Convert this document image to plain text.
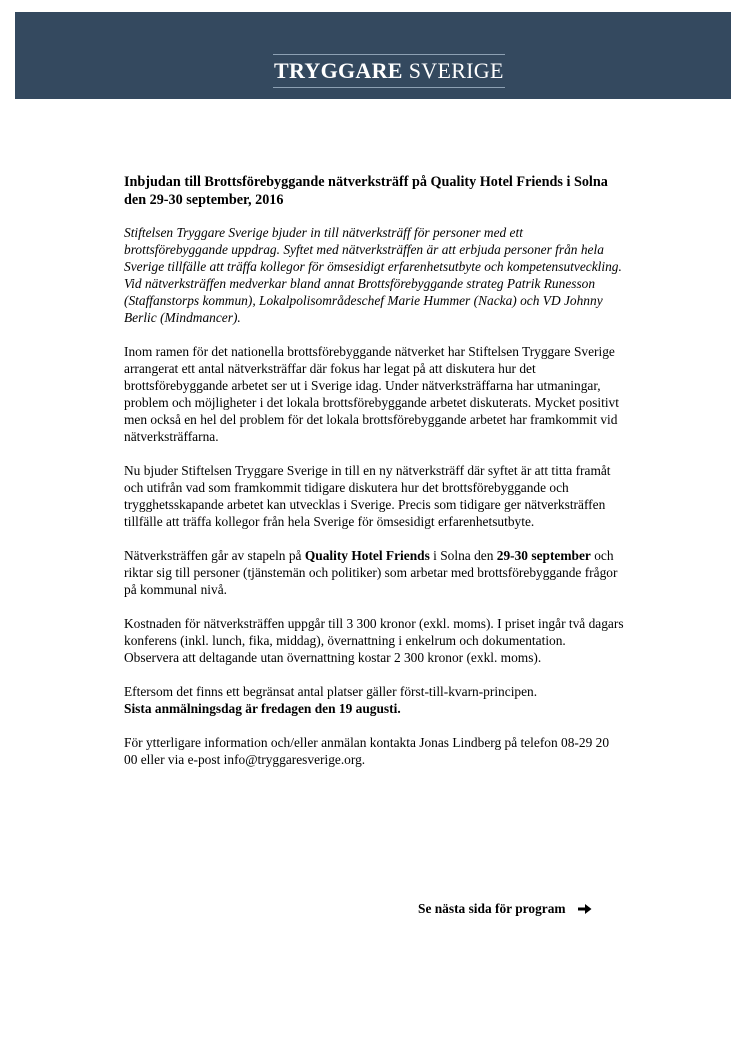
TRYGGARE SVERIGE
Inbjudan till Brottsförebyggande nätverksträff på Quality Hotel Friends i Solna den 29-30 september, 2016

Stiftelsen Tryggare Sverige bjuder in till nätverksträff för personer med ett brottsförebyggande uppdrag. Syftet med nätverksträffen är att erbjuda personer från hela Sverige tillfälle att träffa kollegor för ömsesidigt erfarenhetsutbyte och kompetensutveckling. Vid nätverksträffen medverkar bland annat Brottsförebyggande strateg Patrik Runesson (Staffanstorps kommun), Lokalpolisområdeschef Marie Hummer (Nacka) och VD Johnny Berlic (Mindmancer).

Inom ramen för det nationella brottsförebyggande nätverket har Stiftelsen Tryggare Sverige arrangerat ett antal nätverksträffar där fokus har legat på att diskutera hur det brottsförebyggande arbetet ser ut i Sverige idag. Under nätverksträffarna har utmaningar, problem och möjligheter i det lokala brottsförebyggande arbetet diskuterats. Mycket positivt men också en hel del problem för det lokala brottsförebyggande arbetet har framkommit vid nätverksträffarna.

Nu bjuder Stiftelsen Tryggare Sverige in till en ny nätverksträff där syftet är att titta framåt och utifrån vad som framkommit tidigare diskutera hur det brottsförebyggande och trygghetsskapande arbetet kan utvecklas i Sverige. Precis som tidigare ger nätverksträffen tillfälle att träffa kollegor från hela Sverige för ömsesidigt erfarenhetsutbyte.

Nätverksträffen går av stapeln på Quality Hotel Friends i Solna den 29-30 september och riktar sig till personer (tjänstemän och politiker) som arbetar med brottsförebyggande frågor på kommunal nivå.

Kostnaden för nätverksträffen uppgår till 3 300 kronor (exkl. moms). I priset ingår två dagars konferens (inkl. lunch, fika, middag), övernattning i enkelrum och dokumentation. Observera att deltagande utan övernattning kostar 2 300 kronor (exkl. moms).

Eftersom det finns ett begränsat antal platser gäller först-till-kvarn-principen.
Sista anmälningsdag är fredagen den 19 augusti.

För ytterligare information och/eller anmälan kontakta Jonas Lindberg på telefon 08-29 20 00 eller via e-post info@tryggaresverige.org.

Se nästa sida för program
